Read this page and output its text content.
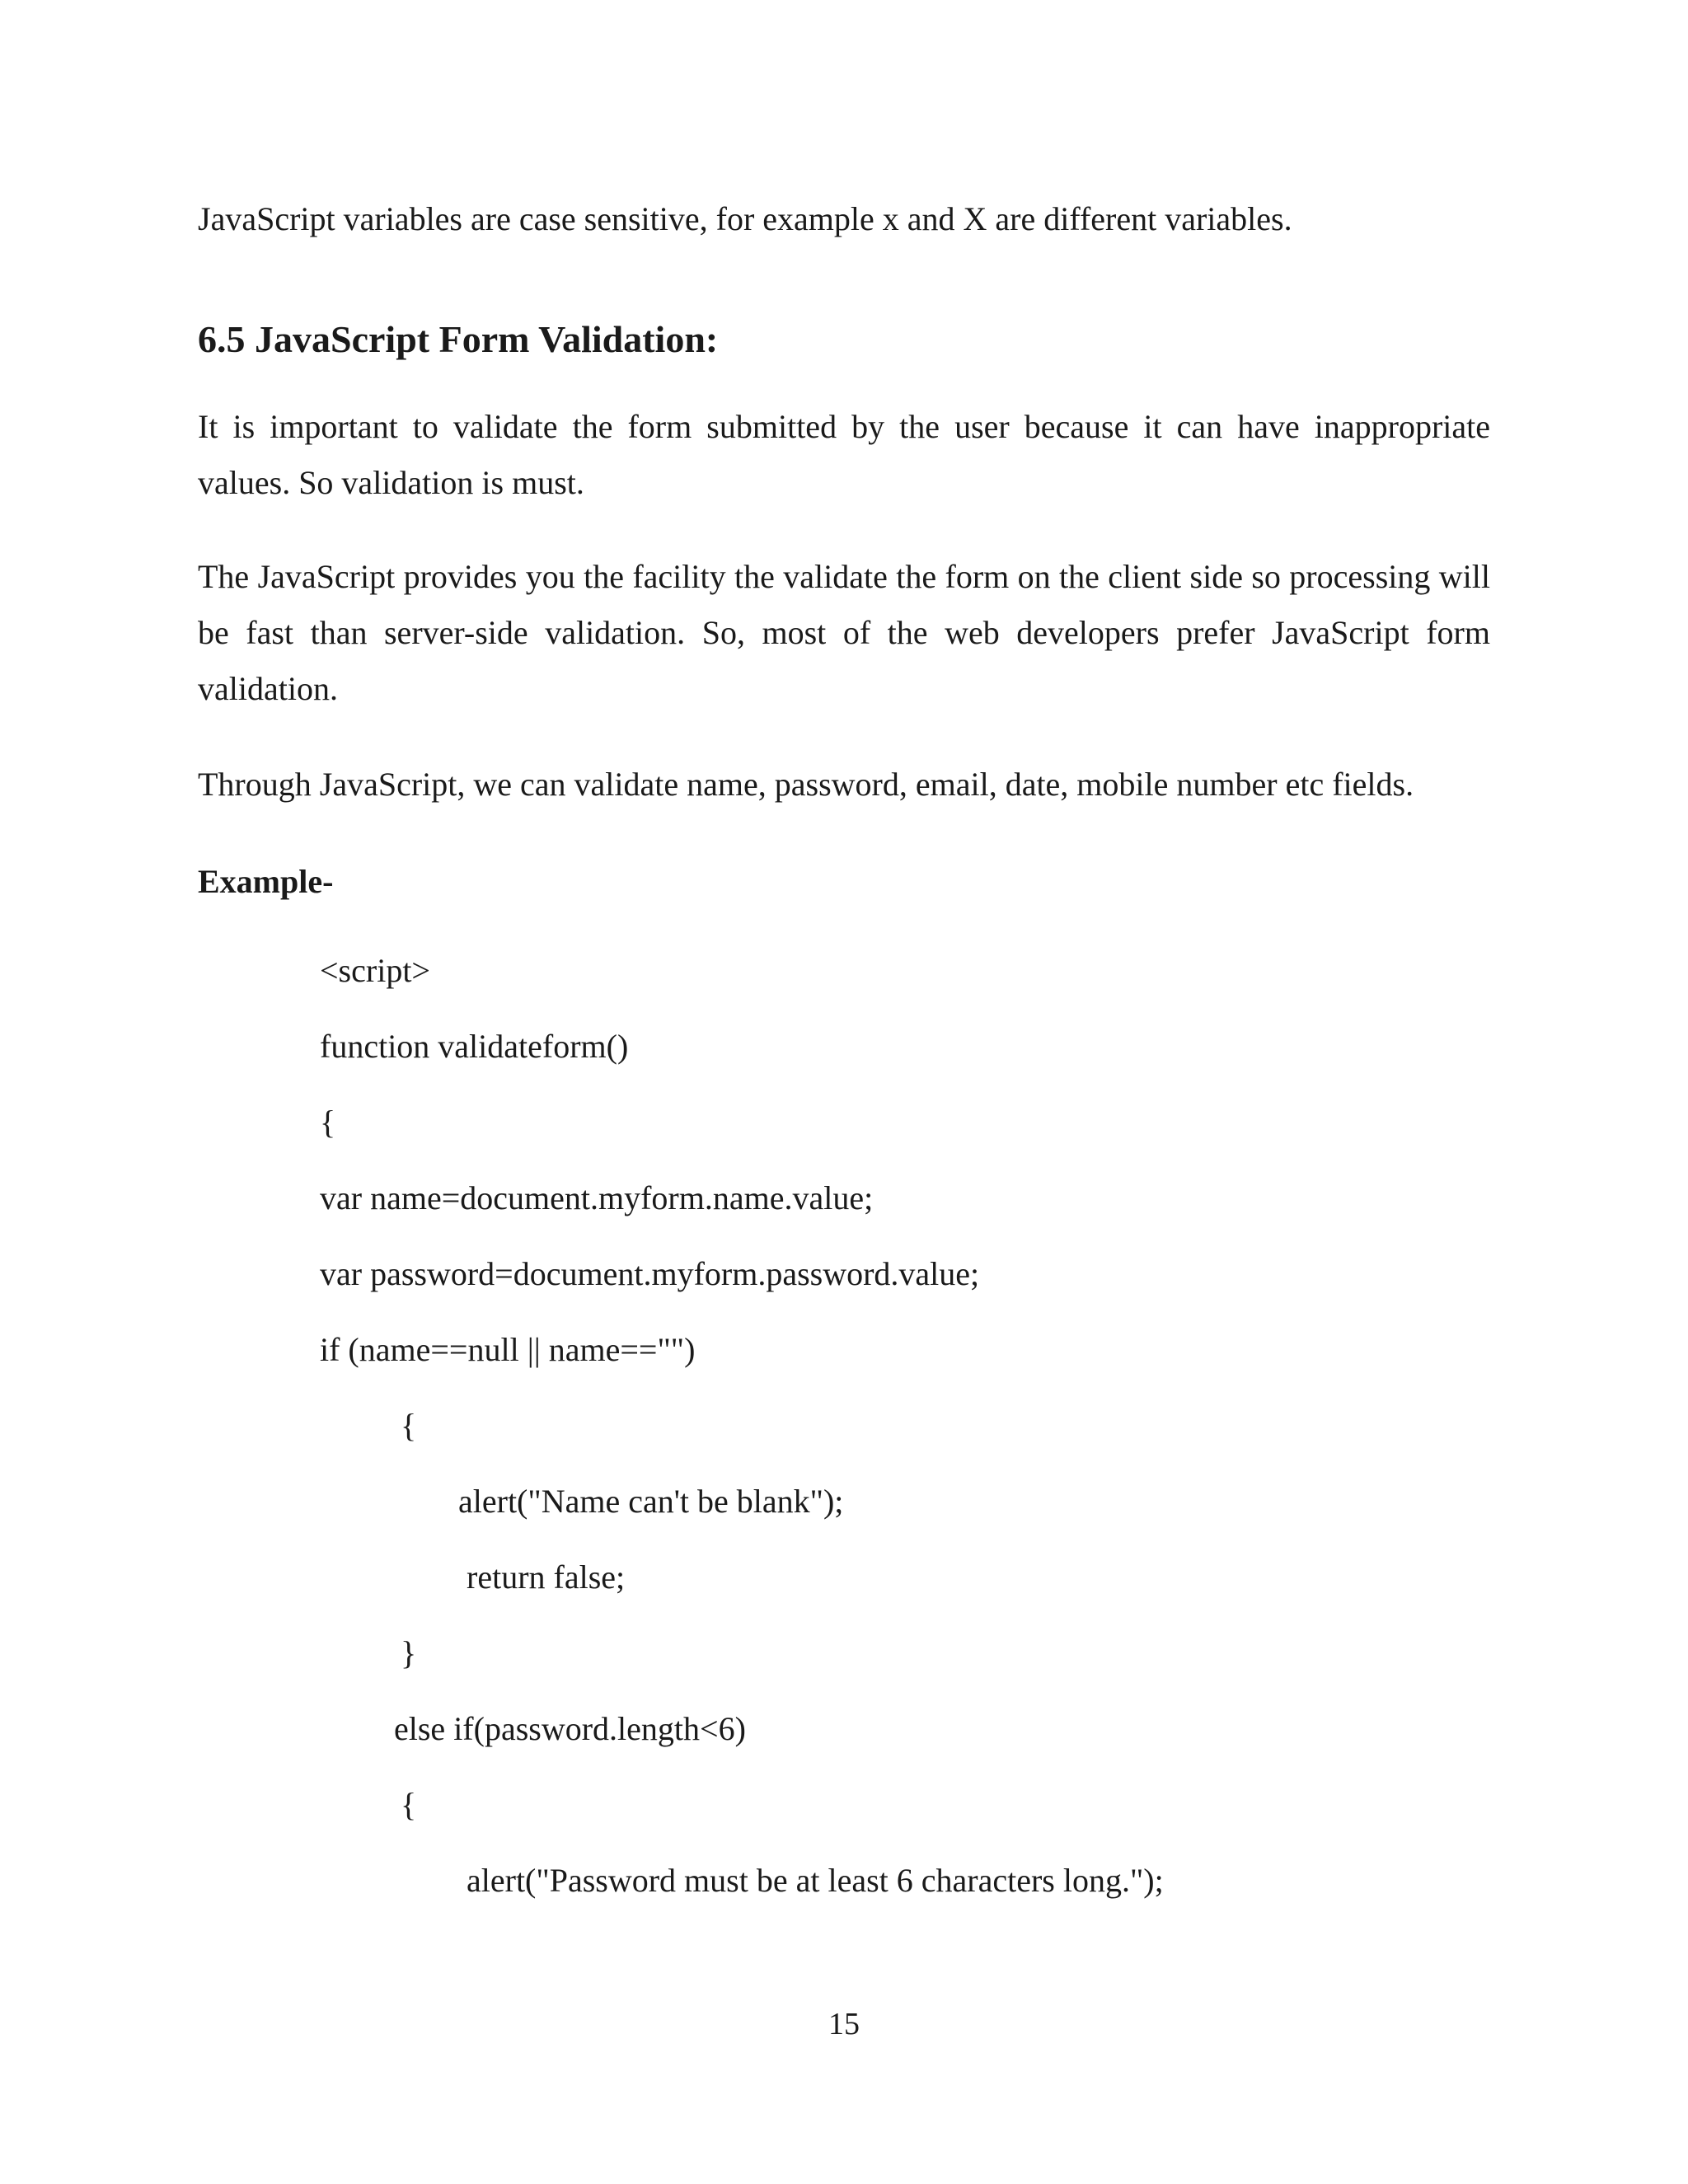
JavaScript variables are case sensitive, for example x and X are different variables.

6.5 JavaScript Form Validation:

It is important to validate the form submitted by the user because it can have inappropriate values. So validation is must.

The JavaScript provides you the facility the validate the form on the client side so processing will be fast than server-side validation. So, most of the web developers prefer JavaScript form validation.

Through JavaScript, we can validate name, password, email, date, mobile number etc fields.

Example-

<script>

function validateform()

{

var name=document.myform.name.value;

var password=document.myform.password.value;

if (name==null || name=="")

{

alert("Name can't be blank");

return false;

}

else if(password.length<6)

{

alert("Password must be at least 6 characters long.");

15
